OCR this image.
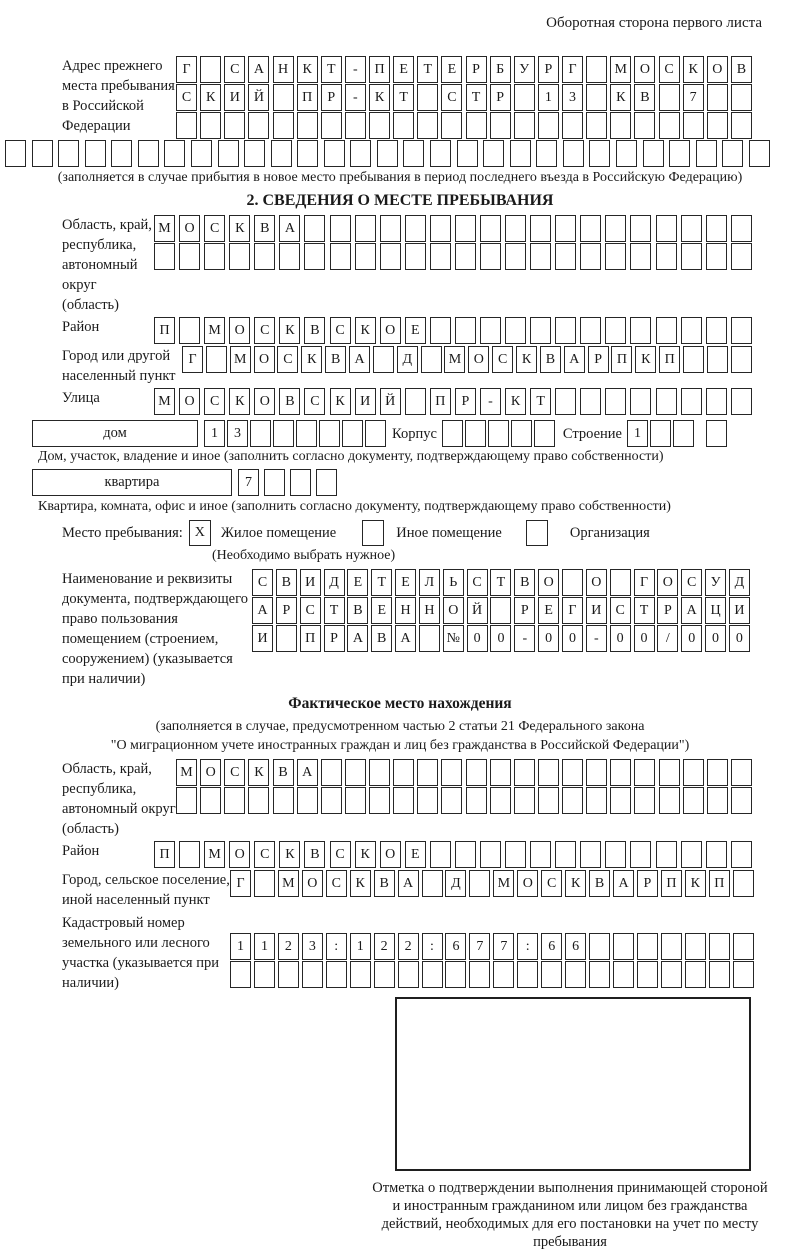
Оборотная сторона первого листа
Адрес прежнего места пребывания в Российской Федерации
Г	С	А	Н	К	Т	-	П	Е	Т	Е	Р	Б	У	Р	Г	М О	С	К	О	В
С	К	И	Й	П	Р	-	К	Т	С	Т	Р	1	3	К	В	7
(заполняется в случае прибытия в новое место пребывания в период последнего въезда в Российскую Федерацию)
2. СВЕДЕНИЯ О МЕСТЕ ПРЕБЫВАНИЯ
Область, край, республика, автономный округ (область)
М О	С	К	В	А
Район	П	М О	С	К	В	С	К	О	Е
Город или другой населенный пункт
Г	М О	С	К	В	А	Д	М О	С	К	В	А	Р	П	К	П
Улица	М О	С	К	О	В	С	К	И	Й	П	Р	-	К	Т
дом	1	3	Корпус	Строение 1
Дом, участок, владение и иное (заполнить согласно документу, подтверждающему право собственности)
квартира	7
Квартира, комната, офис и иное (заполнить согласно документу, подтверждающему право собственности)
Место пребывания: X	Жилое помещение	Иное помещение	Организация
(Необходимо выбрать нужное)
Наименование и реквизиты документа, подтверждающего право пользования помещением (строением, сооружением) (указывается при наличии)
С	В	И	Д	Е	Т	Е	Л	Ь	С	Т	В	О	О	Г	О	С	У	Д
А	Р	С	Т	В	Е	Н Н О Й	Р	Е	Г	И	С	Т	Р	А Ц И
И	П	Р	А	В	А	№ 0	0	-	0	0	-	0	0	/	0	0	0
Фактическое место нахождения
(заполняется в случае, предусмотренном частью 2 статьи 21 Федерального закона
"О миграционном учете иностранных граждан и лиц без гражданства в Российской Федерации")
Область, край, республика, автономный округ (область)
М О	С	К	В	А
Район	П	М О	С	К	В	С	К	О	Е
Город, сельское поселение, иной населенный пункт
Г	М О	С	К	В	А	Д	М О	С	К	В	А	Р	П	К	П
Кадастровый номер земельного или лесного участка (указывается при наличии)
1	1	2	3	:	1	2	2	:	6	7	7	:	6	6
Отметка о подтверждении выполнения принимающей стороной и иностранным гражданином или лицом без гражданства действий, необходимых для его постановки на учет по месту пребывания
